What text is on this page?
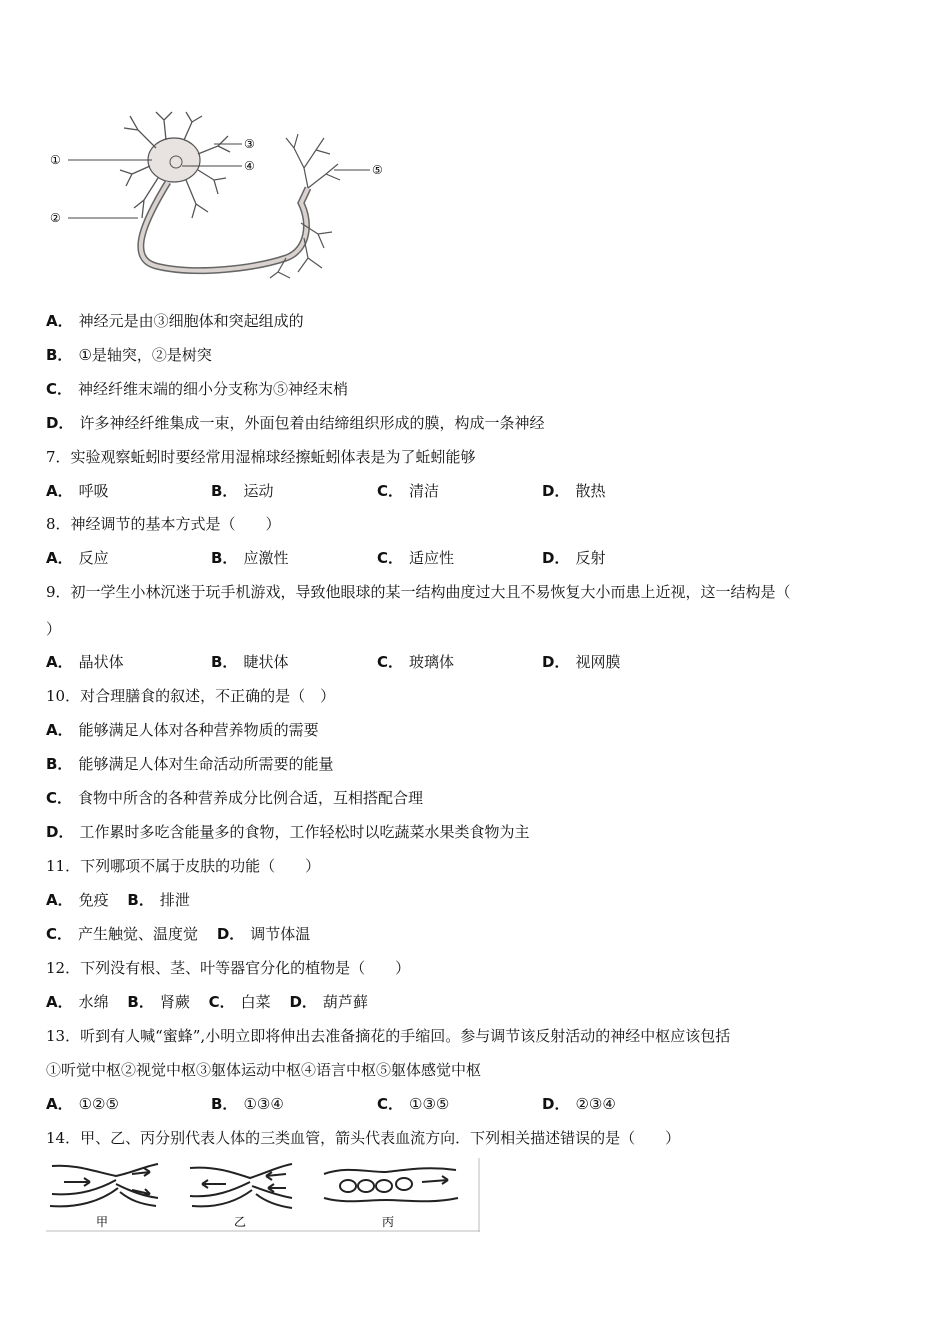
①
②
③
④	⑤
A． 神经元是由③细胞体和突起组成的
B． ①是轴突，②是树突
C． 神经纤维末端的细小分支称为⑤神经末梢
D． 许多神经纤维集成一束，外面包着由结缔组织形成的膜，构成一条神经
7．实验观察蚯蚓时要经常用湿棉球经擦蚯蚓体表是为了蚯蚓能够
A． 呼吸	B． 运动	C． 清洁	D． 散热
8．神经调节的基本方式是（　　）
A． 反应	B． 应激性	C． 适应性	D． 反射
9．初一学生小林沉迷于玩手机游戏，导致他眼球的某一结构曲度过大且不易恢复大小而患上近视，这一结构是（
）
A． 晶状体	B． 睫状体	C． 玻璃体	D． 视网膜
10．对合理膳食的叙述，不正确的是（　）
A． 能够满足人体对各种营养物质的需要
B． 能够满足人体对生命活动所需要的能量
C． 食物中所含的各种营养成分比例合适，互相搭配合理
D． 工作累时多吃含能量多的食物，工作轻松时以吃蔬菜水果类食物为主
11．下列哪项不属于皮肤的功能（　　）
A． 免疫 B． 排泄
C． 产生触觉、温度觉 D． 调节体温
12．下列没有根、茎、叶等器官分化的植物是（　　）
A． 水绵 B． 肾蕨 C． 白菜 D． 葫芦藓
13．听到有人喊“蜜蜂”,小明立即将伸出去准备摘花的手缩回。参与调节该反射活动的神经中枢应该包括
①听觉中枢②视觉中枢③躯体运动中枢④语言中枢⑤躯体感觉中枢
A． ①②⑤	B． ①③④	C． ①③⑤	D． ②③④
14．甲、乙、丙分别代表人体的三类血管，箭头代表血流方向．下列相关描述错误的是（　　）
甲	乙	丙
